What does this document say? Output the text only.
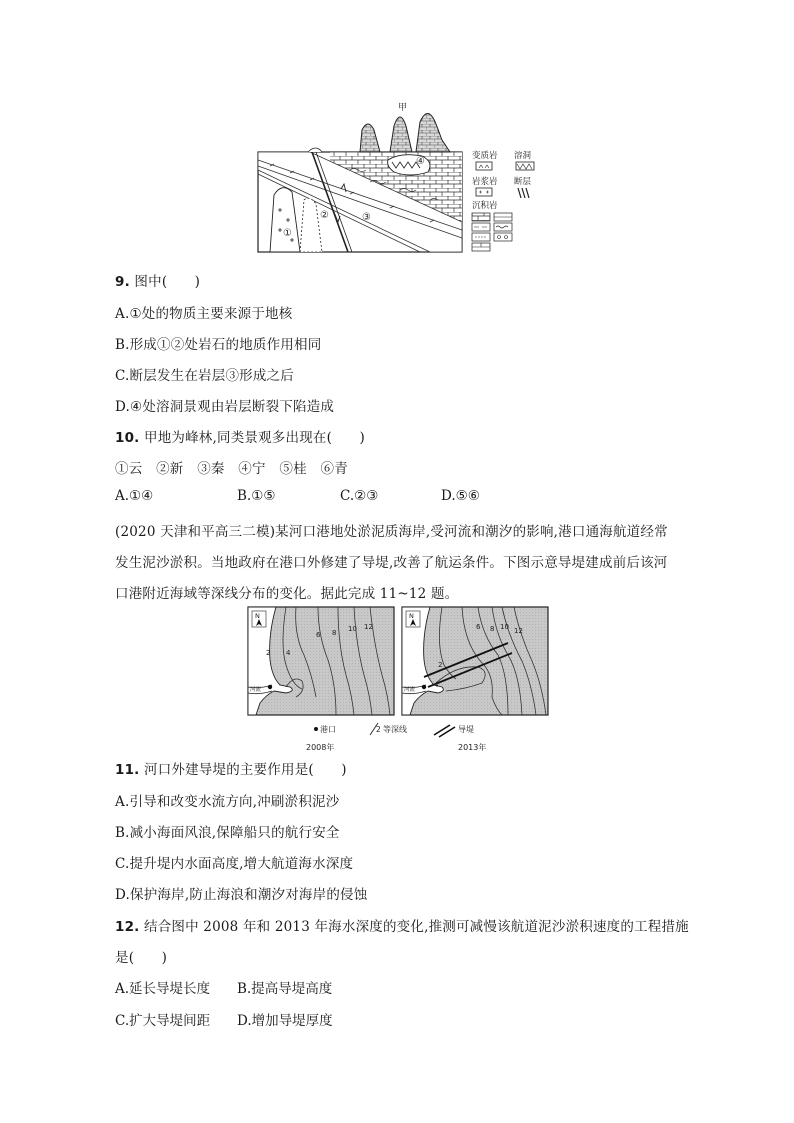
甲
①
②	③
④	变质岩 溶洞
岩浆岩 断层
沉积岩
9. 图中(　　)
A.①处的物质主要来源于地核
B.形成①②处岩石的地质作用相同
C.断层发生在岩层③形成之后
D.④处溶洞景观由岩层断裂下陷造成
10. 甲地为峰林,同类景观多出现在(　　)
①云　②新　③秦　④宁　⑤桂　⑥青
A.①④	B.①⑤	C.②③	D.⑤⑥
(2020 天津和平高三二模)某河口港地处淤泥质海岸,受河流和潮汐的影响,港口通海航道经常
发生泥沙淤积。当地政府在港口外修建了导堤,改善了航运条件。下图示意导堤建成前后该河
口港附近海域等深线分布的变化。据此完成 11~12 题。
N
河流
2 4
6 8 10 12
N
河流
2
4
6 8 10 12
港口	2 等深线	导堤
2008年	2013年
11. 河口外建导堤的主要作用是(　　)
A.引导和改变水流方向,冲刷淤积泥沙
B.减小海面风浪,保障船只的航行安全
C.提升堤内水面高度,增大航道海水深度
D.保护海岸,防止海浪和潮汐对海岸的侵蚀
12. 结合图中 2008 年和 2013 年海水深度的变化,推测可减慢该航道泥沙淤积速度的工程措施
是(　　)
A.延长导堤长度 B.提高导堤高度
C.扩大导堤间距 D.增加导堤厚度
